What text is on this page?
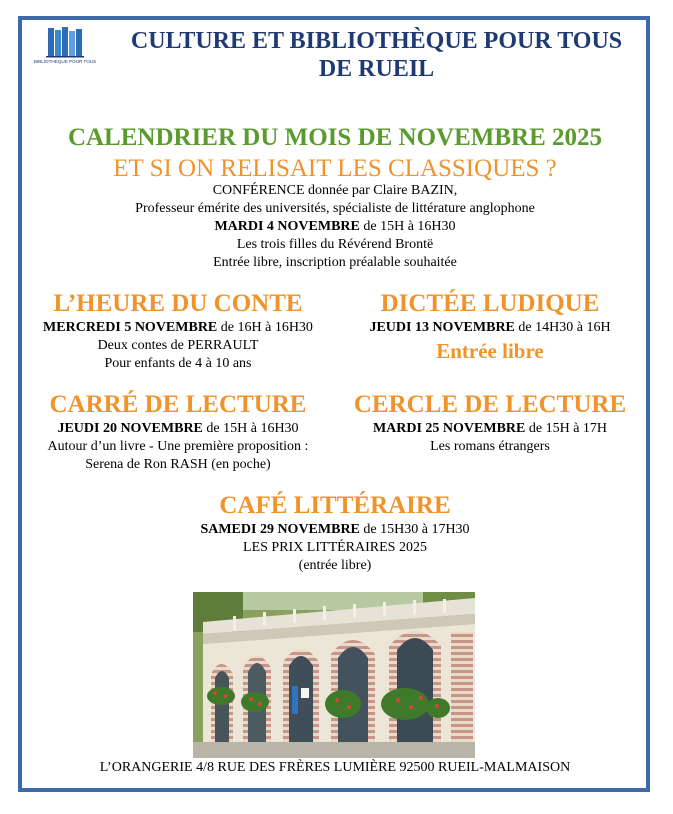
BIBLIOTHÈQUE POUR TOUS
CULTURE ET BIBLIOTHÈQUE POUR TOUS
DE RUEIL
CALENDRIER DU MOIS DE NOVEMBRE 2025
ET SI ON RELISAIT LES CLASSIQUES ?
CONFÉRENCE donnée par Claire BAZIN,
Professeur émérite des universités, spécialiste de littérature anglophone
MARDI 4 NOVEMBRE de 15H à 16H30
Les trois filles du Révérend Brontë
Entrée libre, inscription préalable souhaitée
L’HEURE DU CONTE
MERCREDI 5 NOVEMBRE de 16H à 16H30
Deux contes de PERRAULT
Pour enfants de 4 à 10 ans
DICTÉE LUDIQUE
JEUDI 13 NOVEMBRE de 14H30 à 16H
Entrée libre
CARRÉ DE LECTURE
JEUDI 20 NOVEMBRE de 15H à 16H30
Autour d’un livre - Une première proposition :
Serena de Ron RASH (en poche)
CERCLE DE LECTURE
MARDI 25 NOVEMBRE de 15H à 17H
Les romans étrangers
CAFÉ LITTÉRAIRE
SAMEDI 29 NOVEMBRE de 15H30 à 17H30
LES PRIX LITTÉRAIRES 2025
(entrée libre)
L’ORANGERIE 4/8 RUE DES FRÈRES LUMIÈRE 92500 RUEIL-MALMAISON
